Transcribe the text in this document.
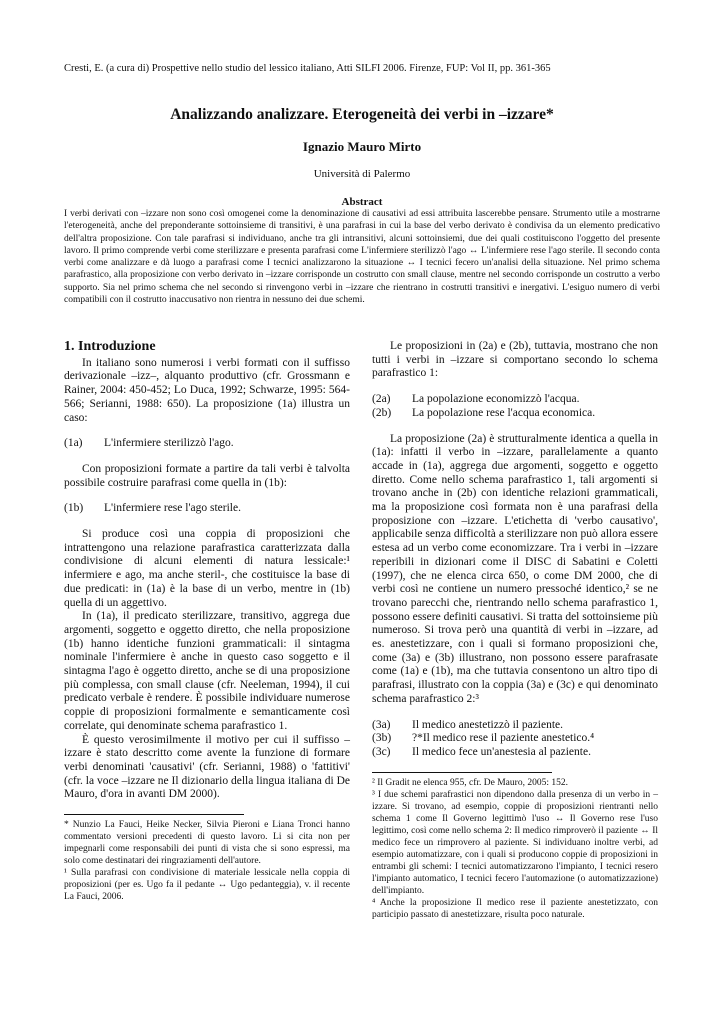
Cresti, E. (a cura di) Prospettive nello studio del lessico italiano, Atti SILFI 2006. Firenze, FUP: Vol II, pp. 361-365
Analizzando analizzare. Eterogeneità dei verbi in –izzare*
Ignazio Mauro Mirto
Università di Palermo
Abstract
I verbi derivati con –izzare non sono così omogenei come la denominazione di causativi ad essi attribuita lascerebbe pensare. Strumento utile a mostrarne l'eterogeneità, anche del preponderante sottoinsieme di transitivi, è una parafrasi in cui la base del verbo derivato è condivisa da un elemento predicativo dell'altra proposizione. Con tale parafrasi si individuano, anche tra gli intransitivi, alcuni sottoinsiemi, due dei quali costituiscono l'oggetto del presente lavoro. Il primo comprende verbi come sterilizzare e presenta parafrasi come L'infermiere sterilizzò l'ago ↔ L'infermiere rese l'ago sterile. Il secondo conta verbi come analizzare e dà luogo a parafrasi come I tecnici analizzarono la situazione ↔ I tecnici fecero un'analisi della situazione. Nel primo schema parafrastico, alla proposizione con verbo derivato in –izzare corrisponde un costrutto con small clause, mentre nel secondo corrisponde un costrutto a verbo supporto. Sia nel primo schema che nel secondo si rinvengono verbi in –izzare che rientrano in costrutti transitivi e inergativi. L'esiguo numero di verbi compatibili con il costrutto inaccusativo non rientra in nessuno dei due schemi.
1. Introduzione

In italiano sono numerosi i verbi formati con il suffisso derivazionale –izz–, alquanto produttivo (cfr. Grossmann e Rainer, 2004: 450-452; Lo Duca, 1992; Schwarze, 1995: 564-566; Serianni, 1988: 650). La proposizione (1a) illustra un caso:

(1a)	L'infermiere sterilizzò l'ago.

Con proposizioni formate a partire da tali verbi è talvolta possibile costruire parafrasi come quella in (1b):

(1b)	L'infermiere rese l'ago sterile.

Si produce così una coppia di proposizioni che intrattengono una relazione parafrastica caratterizzata dalla condivisione di alcuni elementi di natura lessicale:¹ infermiere e ago, ma anche steril-, che costituisce la base di due predicati: in (1a) è la base di un verbo, mentre in (1b) quella di un aggettivo.

In (1a), il predicato sterilizzare, transitivo, aggrega due argomenti, soggetto e oggetto diretto, che nella proposizione (1b) hanno identiche funzioni grammaticali: il sintagma nominale l'infermiere è anche in questo caso soggetto e il sintagma l'ago è oggetto diretto, anche se di una proposizione più complessa, con small clause (cfr. Neeleman, 1994), il cui predicato verbale è rendere. È possibile individuare numerose coppie di proposizioni formalmente e semanticamente così correlate, qui denominate schema parafrastico 1.

È questo verosimilmente il motivo per cui il suffisso –izzare è stato descritto come avente la funzione di formare verbi denominati 'causativi' (cfr. Serianni, 1988) o 'fattitivi' (cfr. la voce –izzare ne Il dizionario della lingua italiana di De Mauro, d'ora in avanti DM 2000).

* Nunzio La Fauci, Heike Necker, Silvia Pieroni e Liana Tronci hanno commentato versioni precedenti di questo lavoro. Li si cita non per impegnarli come responsabili dei punti di vista che si sono espressi, ma solo come destinatari dei ringraziamenti dell'autore.

¹ Sulla parafrasi con condivisione di materiale lessicale nella coppia di proposizioni (per es. Ugo fa il pedante ↔ Ugo pedanteggia), v. il recente La Fauci, 2006.

Le proposizioni in (2a) e (2b), tuttavia, mostrano che non tutti i verbi in –izzare si comportano secondo lo schema parafrastico 1:

(2a)	La popolazione economizzò l'acqua.
(2b)	La popolazione rese l'acqua economica.

La proposizione (2a) è strutturalmente identica a quella in (1a): infatti il verbo in –izzare, parallelamente a quanto accade in (1a), aggrega due argomenti, soggetto e oggetto diretto. Come nello schema parafrastico 1, tali argomenti si trovano anche in (2b) con identiche relazioni grammaticali, ma la proposizione così formata non è una parafrasi della proposizione con –izzare. L'etichetta di 'verbo causativo', applicabile senza difficoltà a sterilizzare non può allora essere estesa ad un verbo come economizzare. Tra i verbi in –izzare reperibili in dizionari come il DISC di Sabatini e Coletti (1997), che ne elenca circa 650, o come DM 2000, che di verbi così ne contiene un numero pressoché identico,² se ne trovano parecchi che, rientrando nello schema parafrastico 1, possono essere definiti causativi. Si tratta del sottoinsieme più numeroso. Si trova però una quantità di verbi in –izzare, ad es. anestetizzare, con i quali si formano proposizioni che, come (3a) e (3b) illustrano, non possono essere parafrasate come (1a) e (1b), ma che tuttavia consentono un altro tipo di parafrasi, illustrato con la coppia (3a) e (3c) e qui denominato schema parafrastico 2:³

(3a)	Il medico anestetizzò il paziente.
(3b)	?*Il medico rese il paziente anestetico.⁴
(3c)	Il medico fece un'anestesia al paziente.

² Il Gradit ne elenca 955, cfr. De Mauro, 2005: 152.

³ I due schemi parafrastici non dipendono dalla presenza di un verbo in –izzare. Si trovano, ad esempio, coppie di proposizioni rientranti nello schema 1 come Il Governo legittimò l'uso ↔ Il Governo rese l'uso legittimo, così come nello schema 2: Il medico rimproverò il paziente ↔ Il medico fece un rimprovero al paziente. Si individuano inoltre verbi, ad esempio automatizzare, con i quali si producono coppie di proposizioni in entrambi gli schemi: I tecnici automatizzarono l'impianto, I tecnici resero l'impianto automatico, I tecnici fecero l'automazione (o automatizzazione) dell'impianto.

⁴ Anche la proposizione Il medico rese il paziente anestetizzato, con participio passato di anestetizzare, risulta poco naturale.
